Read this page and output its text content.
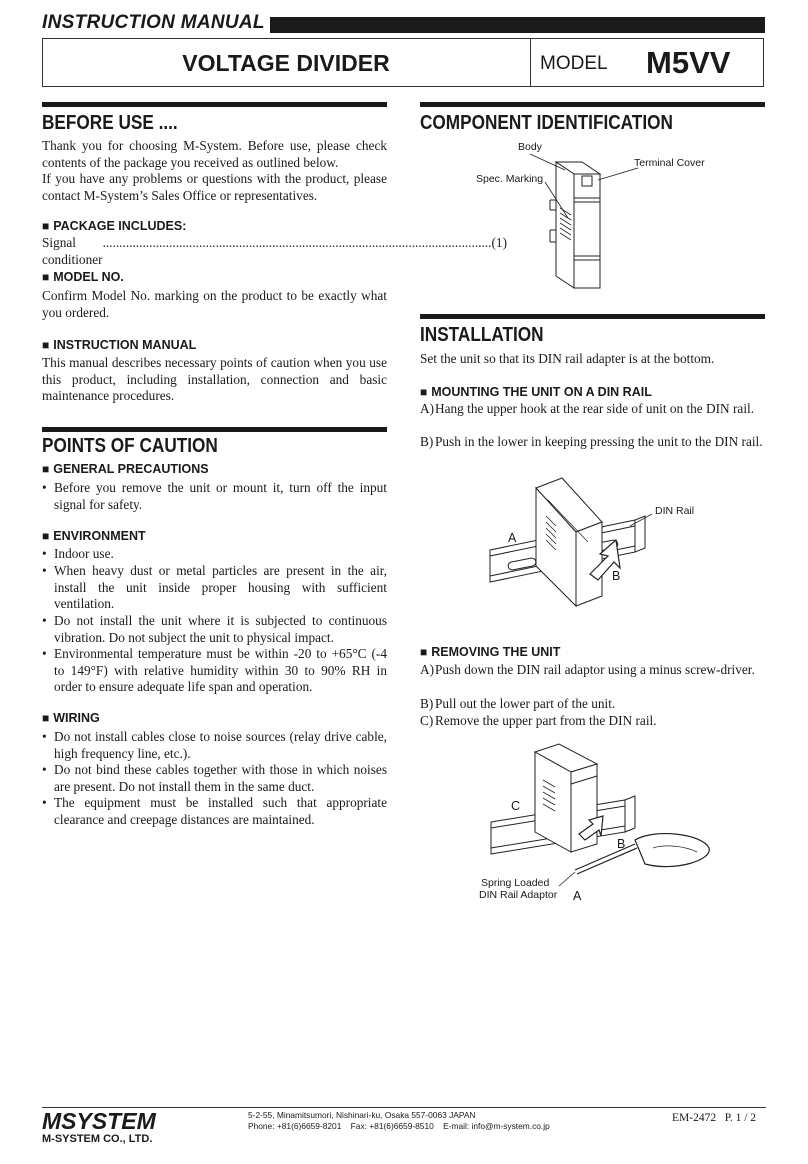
INSTRUCTION MANUAL
VOLTAGE DIVIDER	MODEL M5VV
BEFORE USE ....
Thank you for choosing M-System. Before use, please check contents of the package you received as outlined below.
If you have any problems or questions with the product, please contact M-System’s Sales Office or representatives.
■ PACKAGE INCLUDES:
Signal conditioner
..................................................................................................................... (1)
■ MODEL NO.
Confirm Model No. marking on the product to be exactly what you ordered.
■ INSTRUCTION MANUAL
This manual describes necessary points of caution when you use this product, including installation, connection and basic maintenance procedures.
POINTS OF CAUTION
■ GENERAL PRECAUTIONS
• Before you remove the unit or mount it, turn off the input signal for safety.
■ ENVIRONMENT
• Indoor use.
• When heavy dust or metal particles are present in the air, install the unit inside proper housing with sufficient ventilation.
• Do not install the unit where it is subjected to continuous vibration. Do not subject the unit to physical impact.
• Environmental temperature must be within -20 to +65°C (-4 to 149°F) with relative humidity within 30 to 90% RH in order to ensure adequate life span and operation.
■ WIRING
• Do not install cables close to noise sources (relay drive cable, high frequency line, etc.).
• Do not bind these cables together with those in which noises are present. Do not install them in the same duct.
• The equipment must be installed such that appropriate clearance and creepage distances are maintained.
COMPONENT IDENTIFICATION
Body
Terminal Cover
Spec. Marking
INSTALLATION
Set the unit so that its DIN rail adapter is at the bottom.
■ MOUNTING THE UNIT ON A DIN RAIL
A)Hang the upper hook at the rear side of unit on the DIN rail.
B) Push in the lower in keeping pressing the unit to the DIN rail.
DIN Rail
A
B
■ REMOVING THE UNIT
A)Push down the DIN rail adaptor using a minus screw-driver.
B) Pull out the lower part of the unit.
C) Remove the upper part from the DIN rail.
C
B
A
Spring Loaded
DIN Rail Adaptor
MSYSTEM
M-SYSTEM CO., LTD.
5-2-55, Minamitsumori, Nishinari-ku, Osaka 557-0063 JAPAN
Phone: +81(6)6659-8201    Fax: +81(6)6659-8510    E-mail: info@m-system.co.jp
EM-2472 P. 1 / 2
